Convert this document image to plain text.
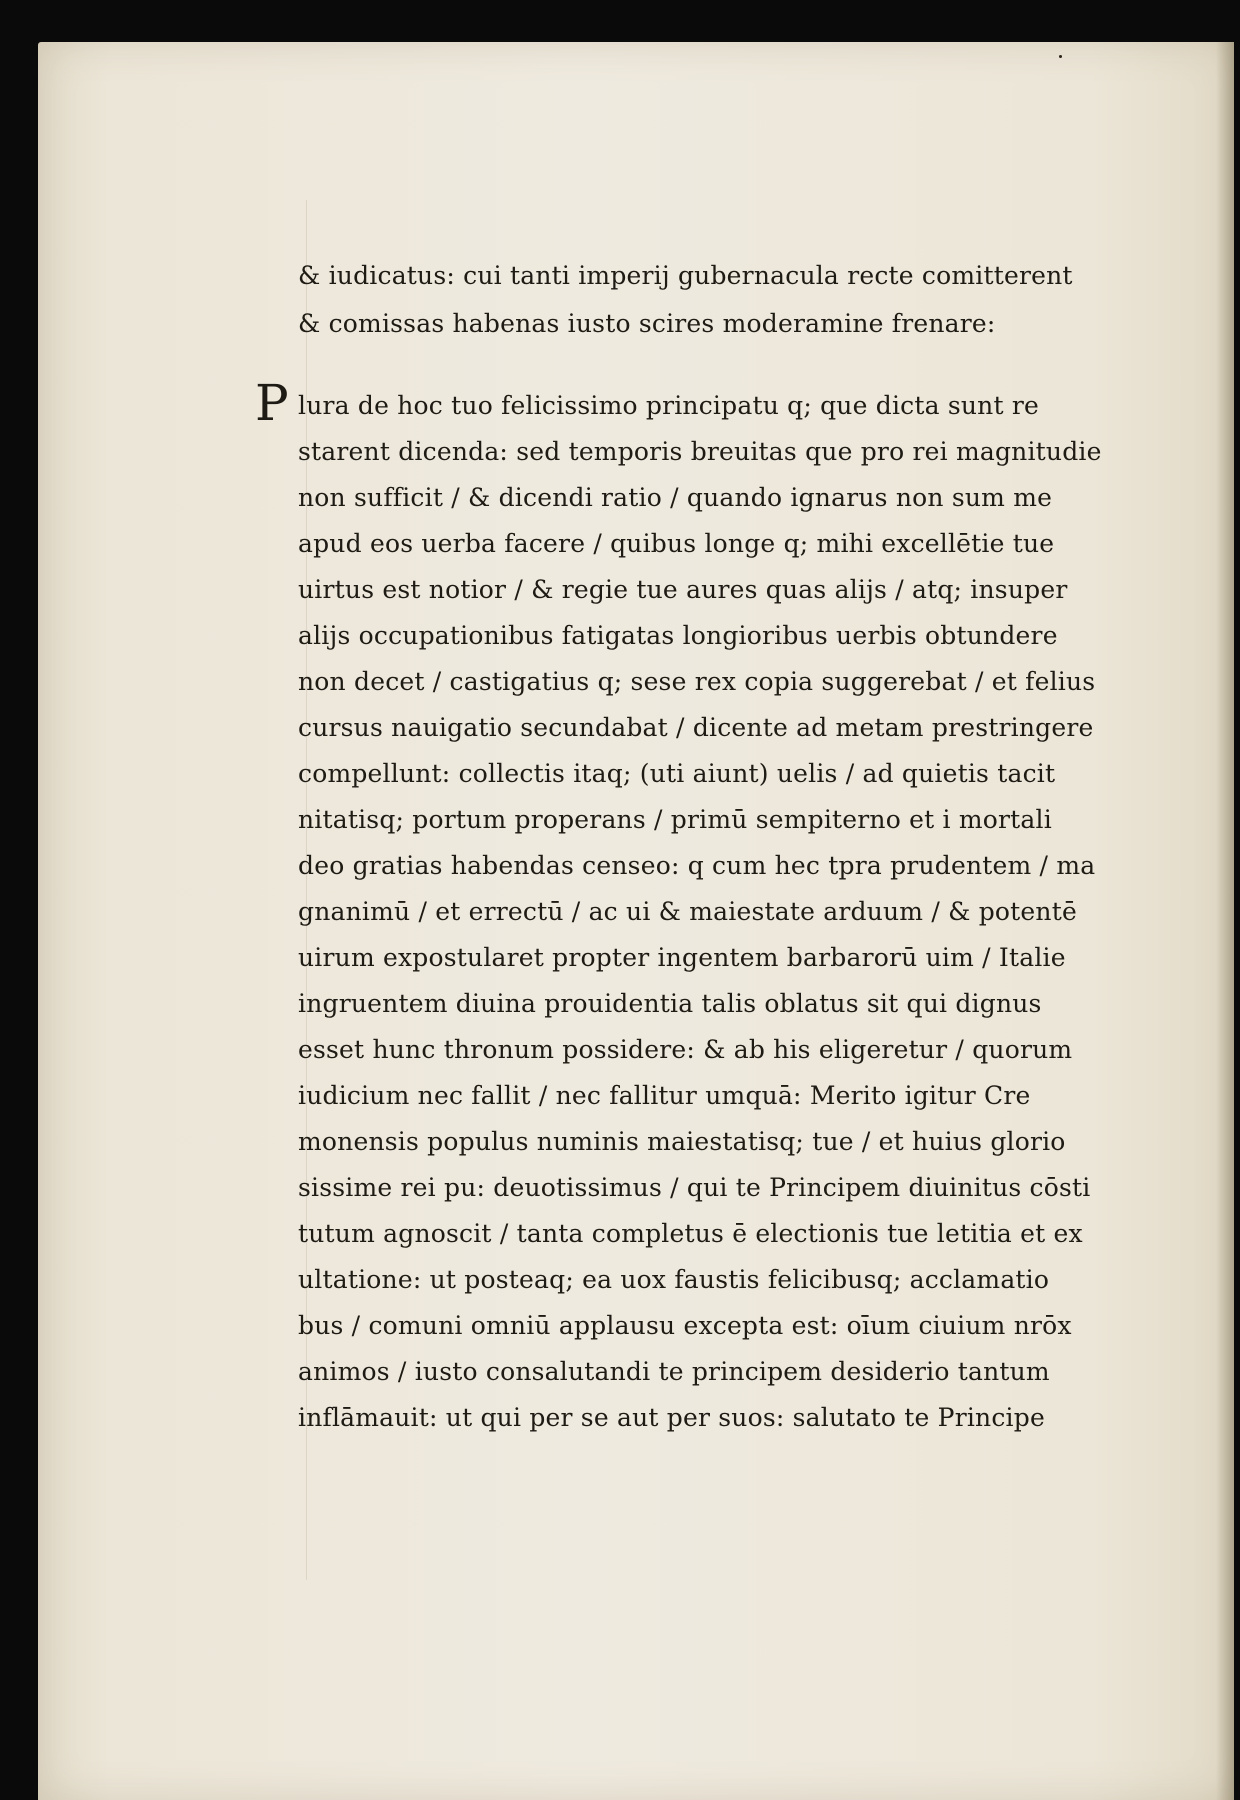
& iudicatus: cui tanti imperij gubernacula recte comitterent
& comissas habenas iusto scires moderamine frenare:
P lura de hoc tuo felicissimo principatu q; que dicta sunt re
starent dicenda: sed temporis breuitas que pro rei magnitudie
non sufficit / & dicendi ratio / quando ignarus non sum me
apud eos uerba facere / quibus longe q; mihi excellētie tue
uirtus est notior / & regie tue aures quas alijs / atq; insuper
alijs occupationibus fatigatas longioribus uerbis obtundere
non decet / castigatius q; sese rex copia suggerebat / et felius
cursus nauigatio secundabat / dicente ad metam prestringere
compellunt: collectis itaq; (uti aiunt) uelis / ad quietis tacit
nitatisq; portum properans / primū sempiterno et i mortali
deo gratias habendas censeo: q cum hec tpra prudentem / ma
gnanimū / et errectū / ac ui & maiestate arduum / & potentē
uirum expostularet propter ingentem barbarorū uim / Italie
ingruentem diuina prouidentia talis oblatus sit qui dignus
esset hunc thronum possidere: & ab his eligeretur / quorum
iudicium nec fallit / nec fallitur umquā: Merito igitur Cre
monensis populus numinis maiestatisq; tue / et huius glorio
sissime rei pu: deuotissimus / qui te Principem diuinitus cōsti
tutum agnoscit / tanta completus ē electionis tue letitia et ex
ultatione: ut posteaq; ea uox faustis felicibusq; acclamatio
bus / comuni omniū applausu excepta est: oīum ciuium nrōx
animos / iusto consalutandi te principem desiderio tantum
inflāmauit: ut qui per se aut per suos: salutato te Principe
